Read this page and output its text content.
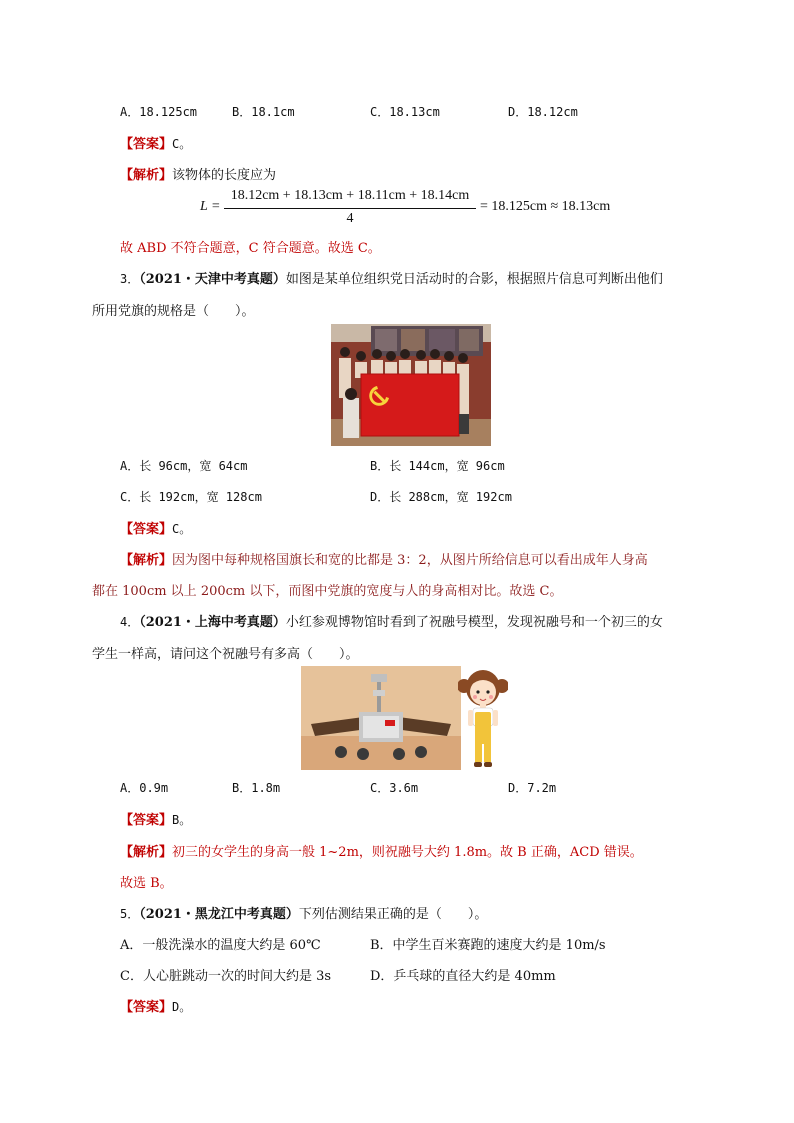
A．18.125cm	B．18.1cm	C．18.13cm	D．18.12cm
【答案】C。
【解析】该物体的长度应为
L =
18.12cm + 18.13cm + 18.11cm + 18.14cm
4
= 18.125cm ≈ 18.13cm
故 ABD 不符合题意，C 符合题意。故选 C。
3．（2021・天津中考真题）如图是某单位组织党日活动时的合影，根据照片信息可判断出他们
所用党旗的规格是（　　）。
A．长 96cm，宽 64cm	B．长 144cm，宽 96cm
C．长 192cm，宽 128cm	D．长 288cm，宽 192cm
【答案】C。
【解析】因为图中每种规格国旗长和宽的比都是 3：2，从图片所给信息可以看出成年人身高
都在 100cm 以上 200cm 以下，而图中党旗的宽度与人的身高相对比。故选 C。
4．（2021・上海中考真题）小红参观博物馆时看到了祝融号模型，发现祝融号和一个初三的女
学生一样高，请问这个祝融号有多高（　　）。
A．0.9m	B．1.8m	C．3.6m	D．7.2m
【答案】B。
【解析】初三的女学生的身高一般 1~2m，则祝融号大约 1.8m。故 B 正确，ACD 错误。
故选 B。
5．（2021・黑龙江中考真题）下列估测结果正确的是（　　）。
A．一般洗澡水的温度大约是 60℃	B．中学生百米赛跑的速度大约是 10m/s
C．人心脏跳动一次的时间大约是 3s	D．乒乓球的直径大约是 40mm
【答案】D。
